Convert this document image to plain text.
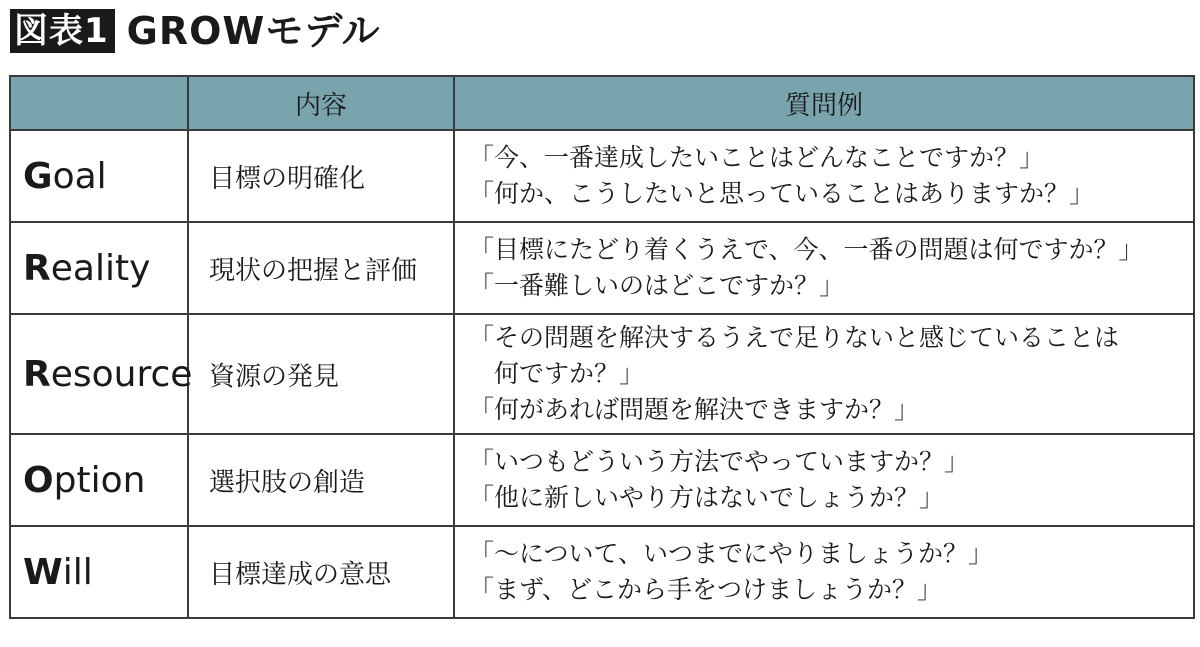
図表1 GROWモデル
	内容	質問例
Goal	目標の明確化	「今、一番達成したいことはどんなことですか？」
「何か、こうしたいと思っていることはありますか？」

Reality	現状の把握と評価	「目標にたどり着くうえで、今、一番の問題は何ですか？」
「一番難しいのはどこですか？」

Resource	資源の発見	「その問題を解決するうえで足りないと感じていることは
　何ですか？」
「何があれば問題を解決できますか？」

Option	選択肢の創造	「いつもどういう方法でやっていますか？」
「他に新しいやり方はないでしょうか？」

Will	目標達成の意思	「〜について、いつまでにやりましょうか？」
「まず、どこから手をつけましょうか？」
